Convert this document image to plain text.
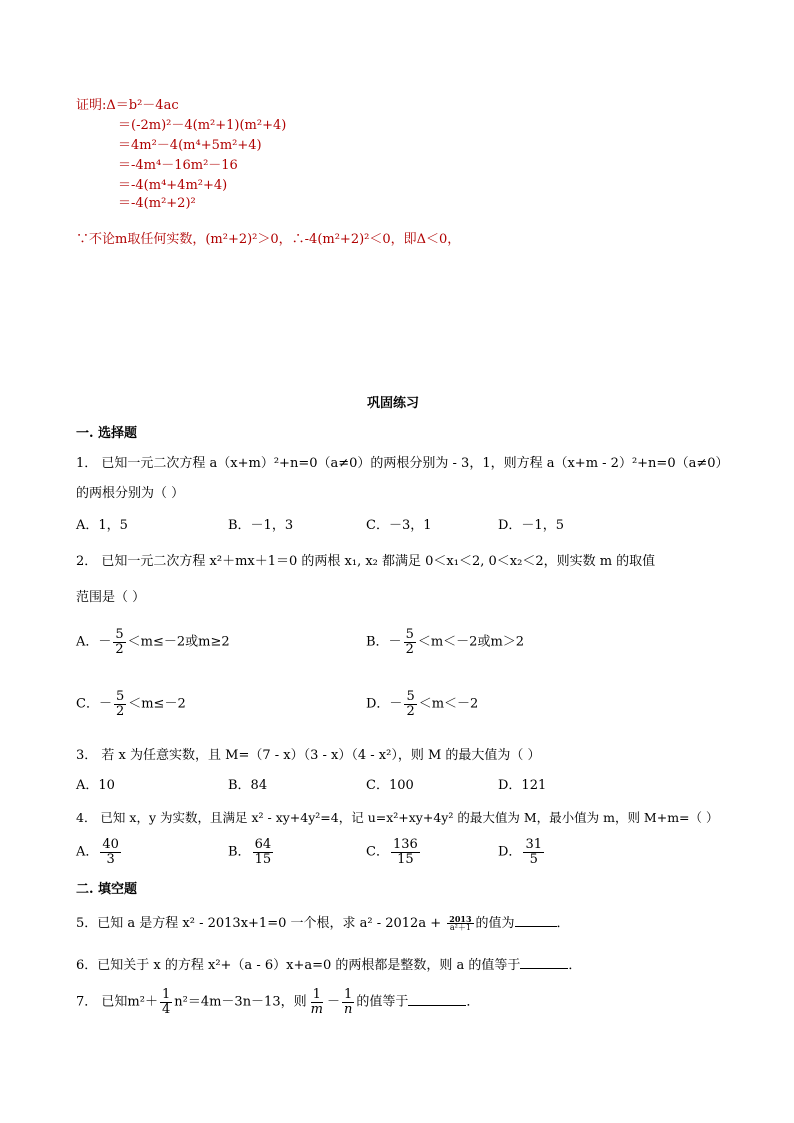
证明:Δ＝b²－4ac
＝(-2m)²－4(m²+1)(m²+4)
＝4m²－4(m⁴+5m²+4)
＝-4m⁴－16m²－16
＝-4(m⁴+4m²+4)
＝-4(m²+2)²
∵不论m取任何实数，(m²+2)²＞0，∴-4(m²+2)²＜0，即Δ＜0，
巩固练习
一. 选择题
1． 已知一元二次方程 a（x+m）²+n=0（a≠0）的两根分别为 - 3，1，则方程 a（x+m - 2）²+n=0（a≠0）
的两根分别为（ ）
A．1，5	B．－1，3	C．－3，1	D．－1，5
2． 已知一元二次方程 x²＋mx＋1＝0 的两根 x₁, x₂ 都满足 0＜x₁＜2, 0＜x₂＜2，则实数 m 的取值
范围是（ ）
A．－ $\frac{5}{2} <m\le-2$或m≥2	B．－ $\frac{5}{2} <m<-2$或m＞2
C．－ $\frac{5}{2} <m\le-2$	D．－ $\frac{5}{2} <m<-2$
3． 若 x 为任意实数，且 M=（7 - x）（3 - x）（4 - x²），则 M 的最大值为（ ）
A．10	B．84	C．100	D．121
4． 已知 x，y 为实数，且满足 x² - xy+4y²=4，记 u=x²+xy+4y² 的最大值为 M，最小值为 m，则 M+m=（ ）
A． $\frac{40}{3}$	B． $\frac{64}{15}$	C． $\frac{136}{15}$	D． $\frac{31}{5}$
二. 填空题
5．已知 a 是方程 x² - 2013x+1=0 一个根，求 $a^2 - 2012a + \frac{2013}{\text{a²＋1}}$ 的值为	．
6．已知关于 x 的方程 x²+（a - 6）x+a=0 的两根都是整数，则 a 的值等于	．
7． 已知$m^2+ \frac{1}{4} n^2=4m-3n-13$，则 $\frac{1}{m} - \frac{1}{n}$ 的值等于	．
